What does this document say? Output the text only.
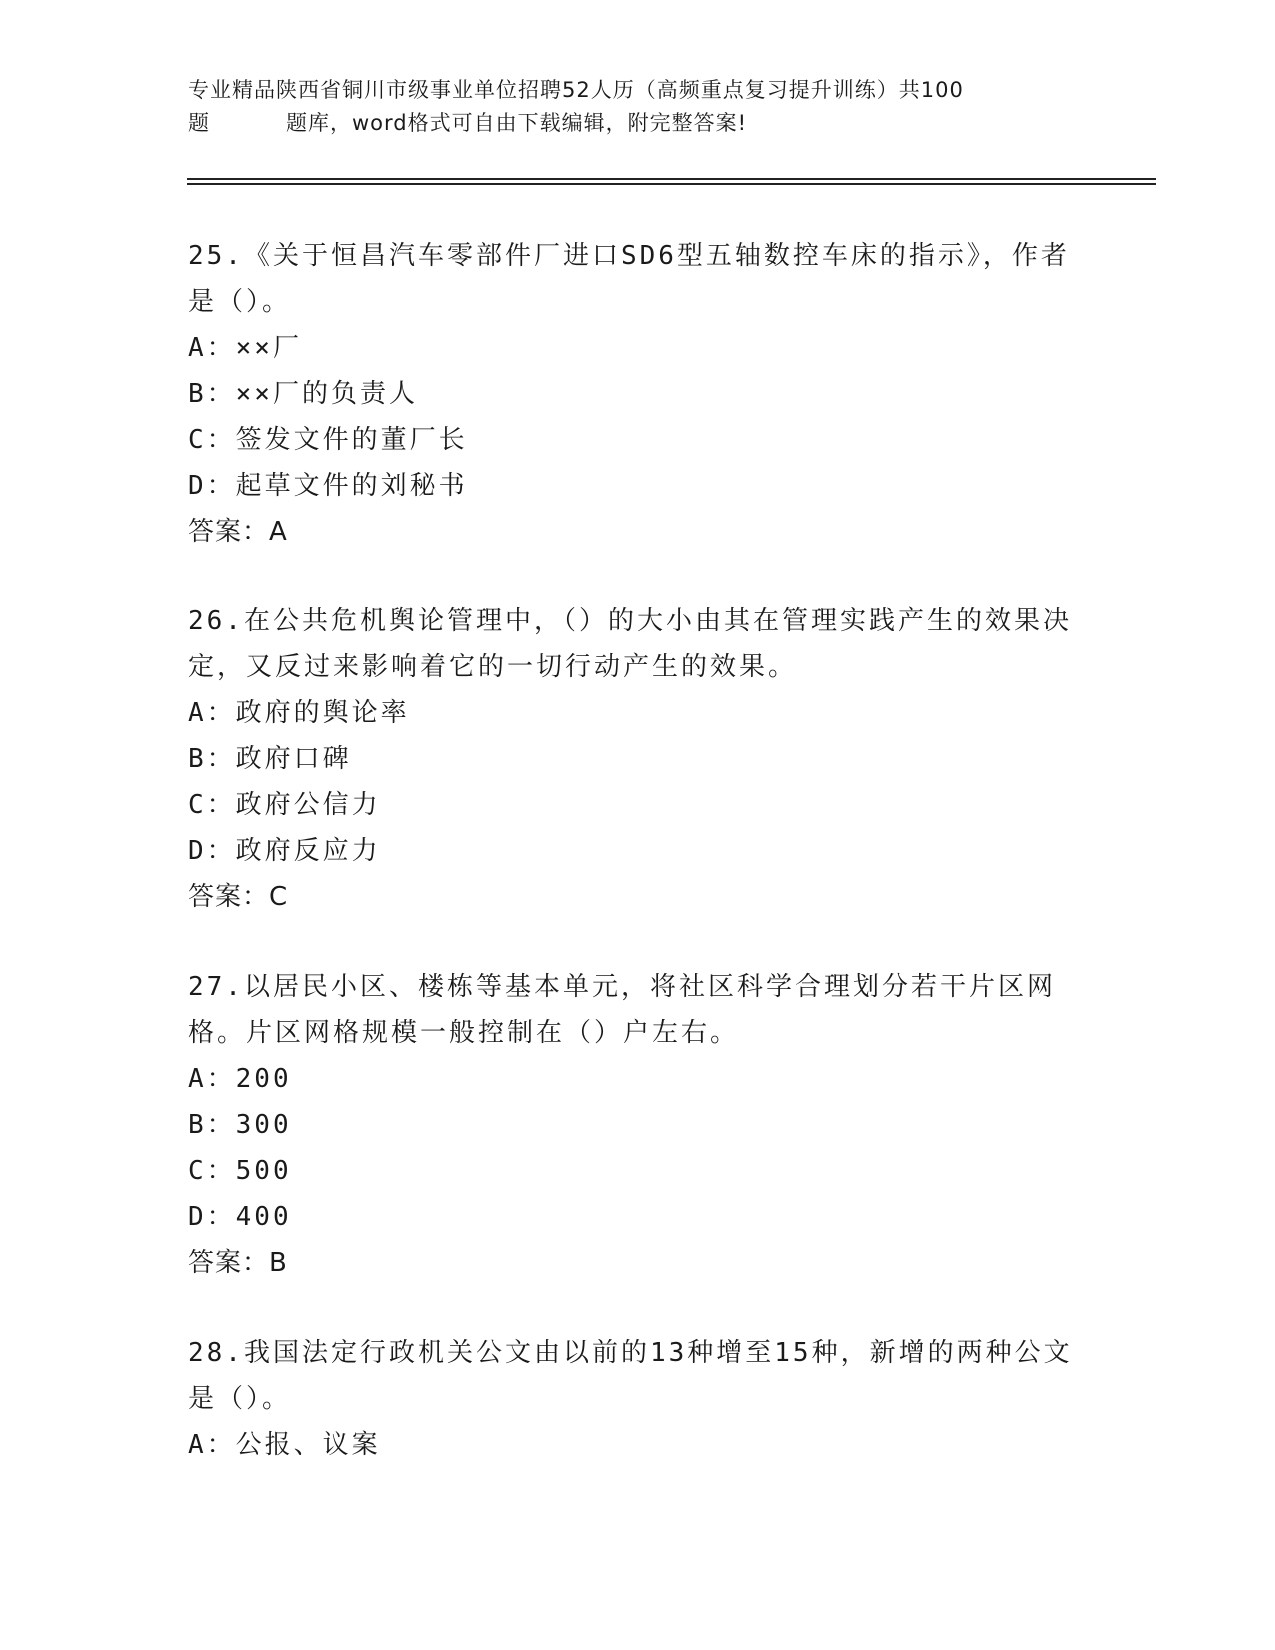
专业精品陕西省铜川市级事业单位招聘52人历（高频重点复习提升训练）共100
题	题库，word格式可自由下载编辑，附完整答案!

25.《关于恒昌汽车零部件厂进口SD6型五轴数控车床的指示》，作者是（）。

A：××厂

B：××厂的负责人

C：签发文件的董厂长

D：起草文件的刘秘书

答案：A

26.在公共危机舆论管理中，（）的大小由其在管理实践产生的效果决定，又反过来影响着它的一切行动产生的效果。

A：政府的舆论率

B：政府口碑

C：政府公信力

D：政府反应力

答案：C

27.以居民小区、楼栋等基本单元，将社区科学合理划分若干片区网格。片区网格规模一般控制在（）户左右。

A：200

B：300

C：500

D：400

答案：B

28.我国法定行政机关公文由以前的13种增至15种，新增的两种公文是（）。

A：公报、议案
